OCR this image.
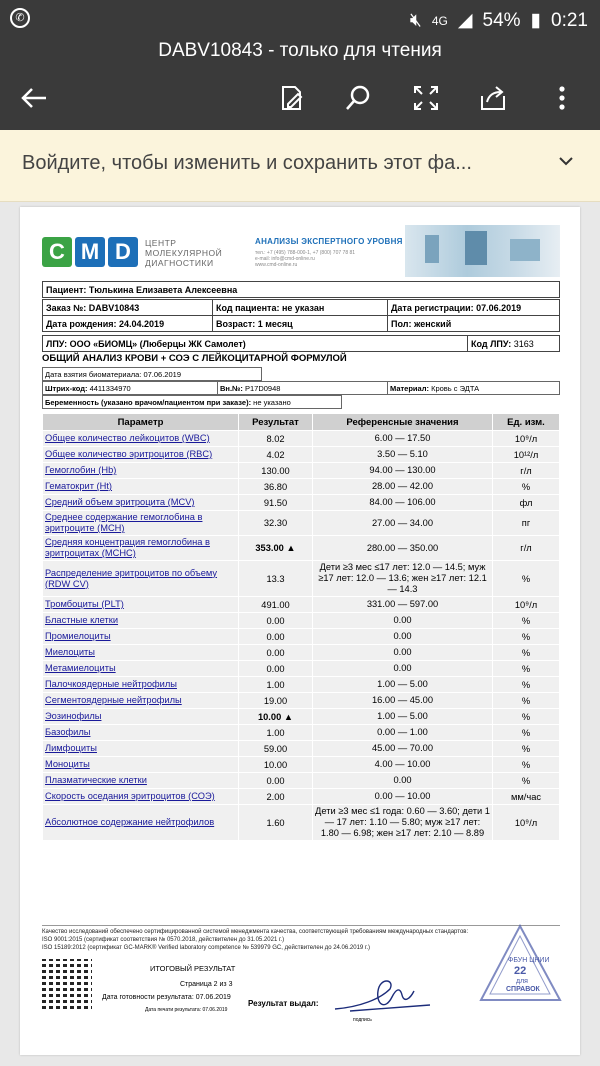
✆	🔇︎ 4G ◢ 54% ▮ 0:21
DABV10843 - только для чтения
Войдите, чтобы изменить и сохранить этот фа...
C M D	ЦЕНТР
МОЛЕКУЛЯРНОЙ
ДИАГНОСТИКИ
АНАЛИЗЫ ЭКСПЕРТНОГО УРОВНЯ
тел.: +7 (495) 788-000-1, +7 (800) 707 78 81
e-mail: info@cmd-online.ru
www.cmd-online.ru
Пациент: Тюлькина Елизавета Алексеевна
Заказ №: DABV10843	Код пациента: не указан	Дата регистрации: 07.06.2019
Дата рождения: 24.04.2019	Возраст: 1 месяц	Пол: женский
ЛПУ: ООО «БИОМЦ» (Люберцы ЖК Самолет)	Код ЛПУ: 3163
ОБЩИЙ АНАЛИЗ КРОВИ + СОЭ С ЛЕЙКОЦИТАРНОЙ ФОРМУЛОЙ
Дата взятия биоматериала: 07.06.2019
Штрих-код: 4411334970	Вн.№: P17D0948	Материал: Кровь с ЭДТА
Беременность (указано врачом/пациентом при заказе): не указано
Параметр	Результат	Референсные значения	Ед. изм.
Общее количество лейкоцитов (WBC)	8.02	6.00 — 17.50	10⁹/л
Общее количество эритроцитов (RBC)	4.02	3.50 — 5.10	10¹²/л
Гемоглобин (Hb)	130.00	94.00 — 130.00	г/л
Гематокрит (Ht)	36.80	28.00 — 42.00	%
Средний объем эритроцита (MCV)	91.50	84.00 — 106.00	фл
Среднее содержание гемоглобина в эритроците (MCH)	32.30	27.00 — 34.00	пг
Средняя концентрация гемоглобина в эритроцитах (MCHC)	353.00 ▲	280.00 — 350.00	г/л
Распределение эритроцитов по объему (RDW CV)	13.3	Дети ≥3 мес ≤17 лет: 12.0 — 14.5; муж ≥17 лет: 12.0 — 13.6; жен ≥17 лет: 12.1 — 14.3	%
Тромбоциты (PLT)	491.00	331.00 — 597.00	10⁹/л
Бластные клетки	0.00	0.00	%
Промиелоциты	0.00	0.00	%
Миелоциты	0.00	0.00	%
Метамиелоциты	0.00	0.00	%
Палочкоядерные нейтрофилы	1.00	1.00 — 5.00	%
Сегментоядерные нейтрофилы	19.00	16.00 — 45.00	%
Эозинофилы	10.00 ▲	1.00 — 5.00	%
Базофилы	1.00	0.00 — 1.00	%
Лимфоциты	59.00	45.00 — 70.00	%
Моноциты	10.00	4.00 — 10.00	%
Плазматические клетки	0.00	0.00	%
Скорость оседания эритроцитов (СОЭ)	2.00	0.00 — 10.00	мм/час
Абсолютное содержание нейтрофилов	1.60	Дети ≥3 мес ≤1 года: 0.60 — 3.60; дети 1 — 17 лет: 1.10 — 5.80; муж ≥17 лет: 1.80 — 6.98; жен ≥17 лет: 2.10 — 8.89	10⁹/л
Качество исследований обеспечено сертифицированной системой менеджмента качества, соответствующей требованиям международных стандартов:
ISO 9001:2015 (сертификат соответствия № 0570.2018, действителен до 31.05.2021 г.)
ISO 15189:2012 (сертификат GC-MARK® Verified laboratory competence № 539979 GC, действителен до 24.06.2019 г.)
ИТОГОВЫЙ РЕЗУЛЬТАТ
Страница 2 из 3
Дата готовности результата: 07.06.2019
Дата печати результата: 07.06.2019
Результат выдал:
подпись
ФБУН ЦНИИ
22
для
СПРАВОК
